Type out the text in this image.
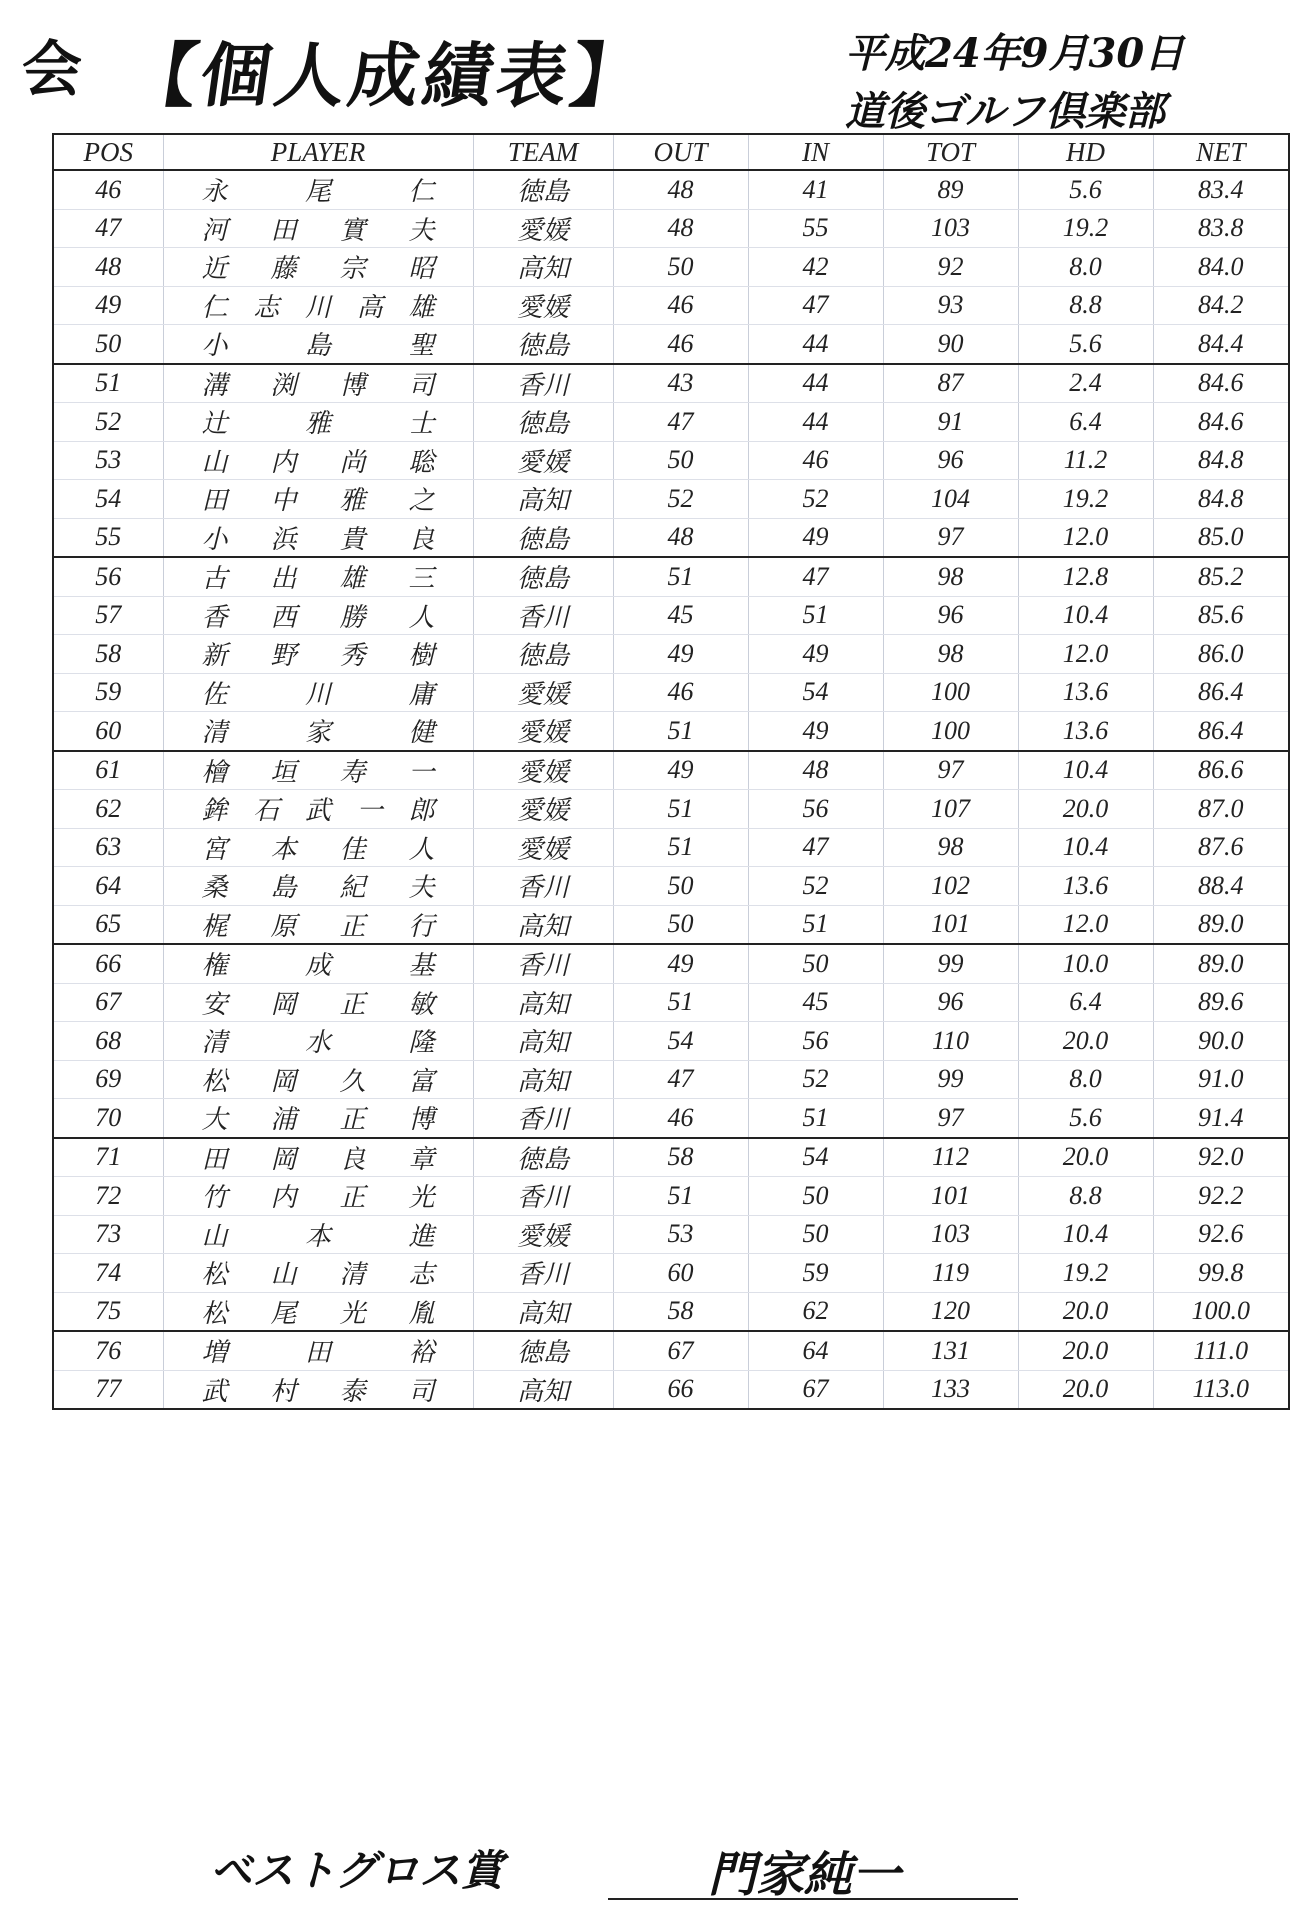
会 【個人成績表】	平成24年9月30日
道後ゴルフ倶楽部
POS	PLAYER	TEAM	OUT	IN	TOT	HD	NET
46	永 尾 仁	徳島	48	41	89	5.6	83.4
47	河 田 實 夫	愛媛	48	55	103	19.2	83.8
48	近 藤 宗 昭	高知	50	42	92	8.0	84.0
49	仁 志 川 高 雄	愛媛	46	47	93	8.8	84.2
50	小 島 聖	徳島	46	44	90	5.6	84.4
51	溝 渕 博 司	香川	43	44	87	2.4	84.6
52	辻 雅 士	徳島	47	44	91	6.4	84.6
53	山 内 尚 聡	愛媛	50	46	96	11.2	84.8
54	田 中 雅 之	高知	52	52	104	19.2	84.8
55	小 浜 貴 良	徳島	48	49	97	12.0	85.0
56	古 出 雄 三	徳島	51	47	98	12.8	85.2
57	香 西 勝 人	香川	45	51	96	10.4	85.6
58	新 野 秀 樹	徳島	49	49	98	12.0	86.0
59	佐 川 庸	愛媛	46	54	100	13.6	86.4
60	清 家 健	愛媛	51	49	100	13.6	86.4
61	檜 垣 寿 一	愛媛	49	48	97	10.4	86.6
62	鉾 石 武 一 郎	愛媛	51	56	107	20.0	87.0
63	宮 本 佳 人	愛媛	51	47	98	10.4	87.6
64	桑 島 紀 夫	香川	50	52	102	13.6	88.4
65	梶 原 正 行	高知	50	51	101	12.0	89.0
66	権 成 基	香川	49	50	99	10.0	89.0
67	安 岡 正 敏	高知	51	45	96	6.4	89.6
68	清 水 隆	高知	54	56	110	20.0	90.0
69	松 岡 久 富	高知	47	52	99	8.0	91.0
70	大 浦 正 博	香川	46	51	97	5.6	91.4
71	田 岡 良 章	徳島	58	54	112	20.0	92.0
72	竹 内 正 光	香川	51	50	101	8.8	92.2
73	山 本 進	愛媛	53	50	103	10.4	92.6
74	松 山 清 志	香川	60	59	119	19.2	99.8
75	松 尾 光 胤	高知	58	62	120	20.0	100.0
76	増 田 裕	徳島	67	64	131	20.0	111.0
77	武 村 泰 司	高知	66	67	133	20.0	113.0
ベストグロス賞	門家純一
